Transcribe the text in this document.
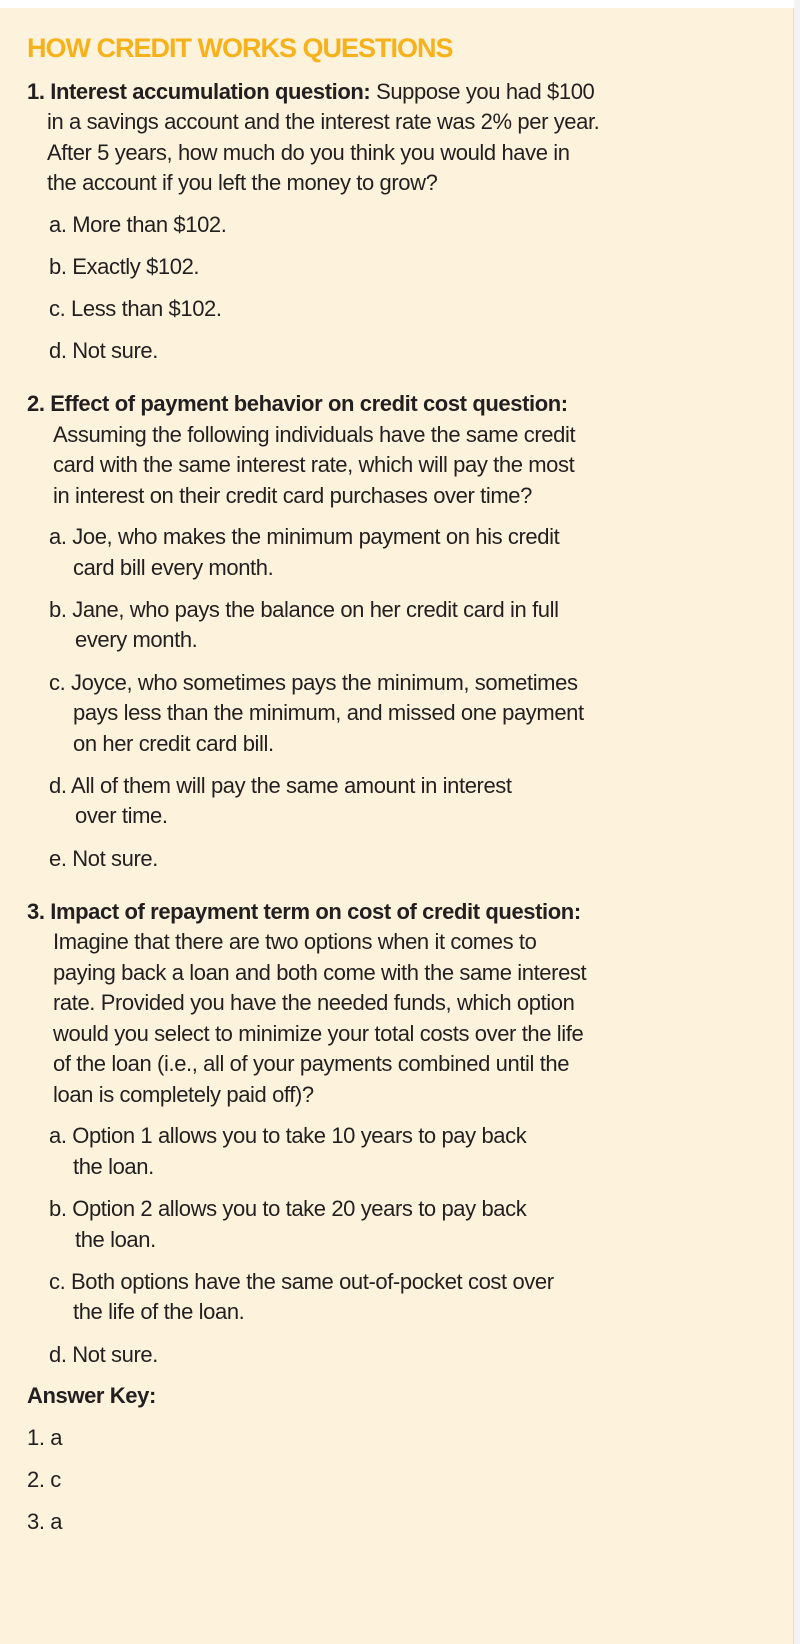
HOW CREDIT WORKS QUESTIONS
1. Interest accumulation question: Suppose you had $100
in a savings account and the interest rate was 2% per year.
After 5 years, how much do you think you would have in
the account if you left the money to grow?
a. More than $102.
b. Exactly $102.
c. Less than $102.
d. Not sure.
2. Effect of payment behavior on credit cost question:
Assuming the following individuals have the same credit
card with the same interest rate, which will pay the most
in interest on their credit card purchases over time?
a. Joe, who makes the minimum payment on his credit
card bill every month.
b. Jane, who pays the balance on her credit card in full
every month.
c. Joyce, who sometimes pays the minimum, sometimes
pays less than the minimum, and missed one payment
on her credit card bill.
d. All of them will pay the same amount in interest
over time.
e. Not sure.
3. Impact of repayment term on cost of credit question:
Imagine that there are two options when it comes to
paying back a loan and both come with the same interest
rate. Provided you have the needed funds, which option
would you select to minimize your total costs over the life
of the loan (i.e., all of your payments combined until the
loan is completely paid off)?
a. Option 1 allows you to take 10 years to pay back
the loan.
b. Option 2 allows you to take 20 years to pay back
the loan.
c. Both options have the same out-of-pocket cost over
the life of the loan.
d. Not sure.
Answer Key:
1. a
2. c
3. a
